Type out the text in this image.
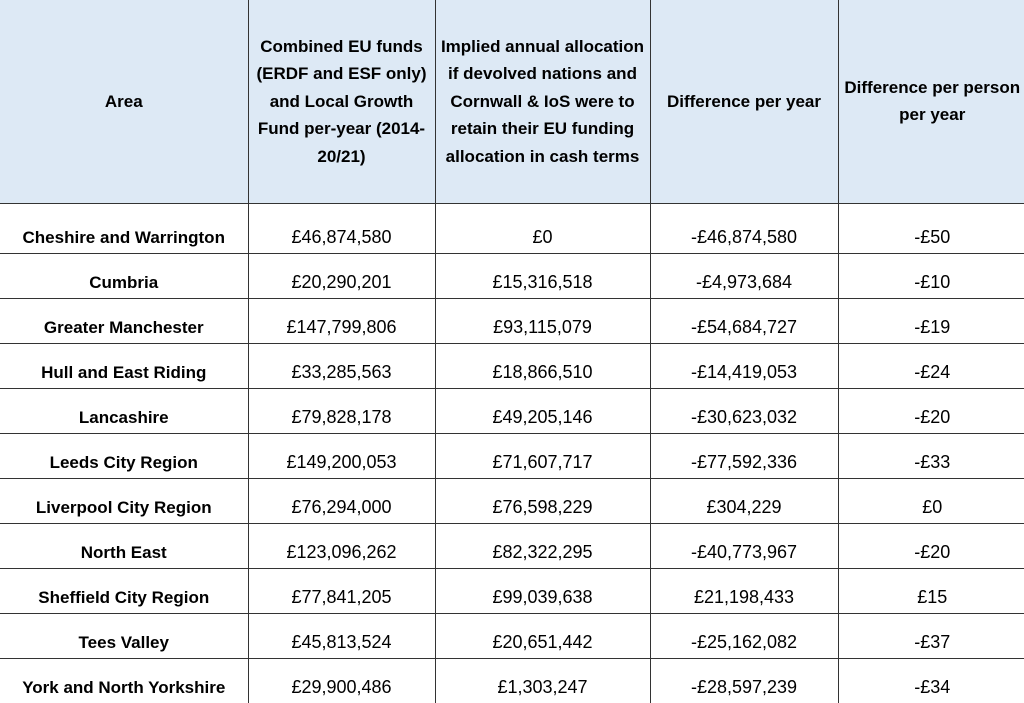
Area	Combined EU funds (ERDF and ESF only) and Local Growth Fund per-year (2014-20/21)	Implied annual allocation if devolved nations and Cornwall & IoS were to retain their EU funding allocation in cash terms	Difference per year	Difference per person per year
Cheshire and Warrington	£46,874,580	£0	-£46,874,580	-£50
Cumbria	£20,290,201	£15,316,518	-£4,973,684	-£10
Greater Manchester	£147,799,806	£93,115,079	-£54,684,727	-£19
Hull and East Riding	£33,285,563	£18,866,510	-£14,419,053	-£24
Lancashire	£79,828,178	£49,205,146	-£30,623,032	-£20
Leeds City Region	£149,200,053	£71,607,717	-£77,592,336	-£33
Liverpool City Region	£76,294,000	£76,598,229	£304,229	£0
North East	£123,096,262	£82,322,295	-£40,773,967	-£20
Sheffield City Region	£77,841,205	£99,039,638	£21,198,433	£15
Tees Valley	£45,813,524	£20,651,442	-£25,162,082	-£37
York and North Yorkshire	£29,900,486	£1,303,247	-£28,597,239	-£34
